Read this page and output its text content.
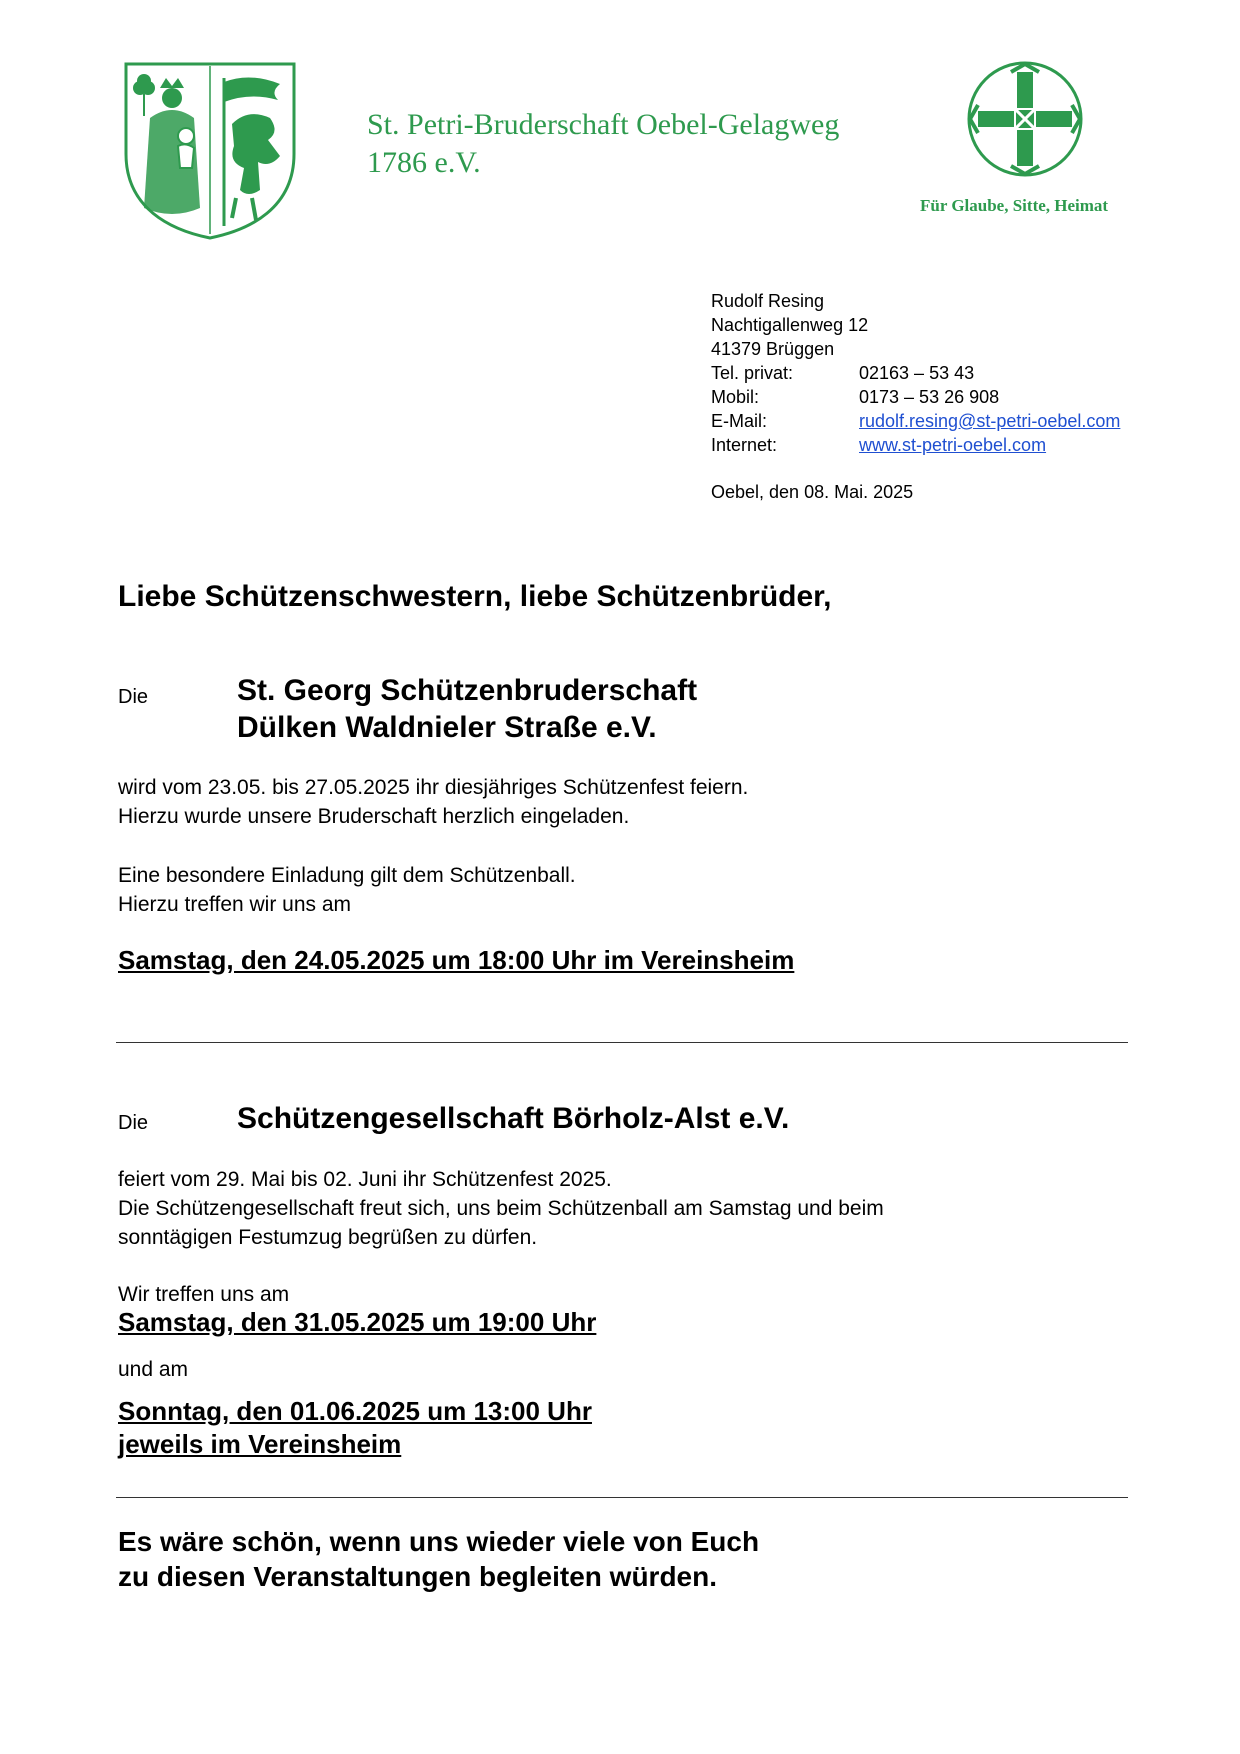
St. Petri-Bruderschaft Oebel-Gelagweg
1786 e.V.
Für Glaube, Sitte, Heimat
Rudolf Resing
Nachtigallenweg 12
41379 Brüggen
Tel. privat:	02163 – 53 43
Mobil:	0173 – 53 26 908
E-Mail:	rudolf.resing@st-petri-oebel.com
Internet:	www.st-petri-oebel.com
Oebel, den 08. Mai. 2025
Liebe Schützenschwestern, liebe Schützenbrüder,
Die	St. Georg Schützenbruderschaft
Dülken Waldnieler Straße e.V.
wird vom 23.05. bis 27.05.2025 ihr diesjähriges Schützenfest feiern.
Hierzu wurde unsere Bruderschaft herzlich eingeladen.
Eine besondere Einladung gilt dem Schützenball.
Hierzu treffen wir uns am
Samstag, den 24.05.2025 um 18:00 Uhr im Vereinsheim
Die	Schützengesellschaft Börholz-Alst e.V.
feiert vom 29. Mai bis 02. Juni ihr Schützenfest 2025.
Die Schützengesellschaft freut sich, uns beim Schützenball am Samstag und beim
sonntägigen Festumzug begrüßen zu dürfen.
Wir treffen uns am
Samstag, den 31.05.2025 um 19:00 Uhr
und am
Sonntag, den 01.06.2025 um 13:00 Uhr
jeweils im Vereinsheim
Es wäre schön, wenn uns wieder viele von Euch
zu diesen Veranstaltungen begleiten würden.
